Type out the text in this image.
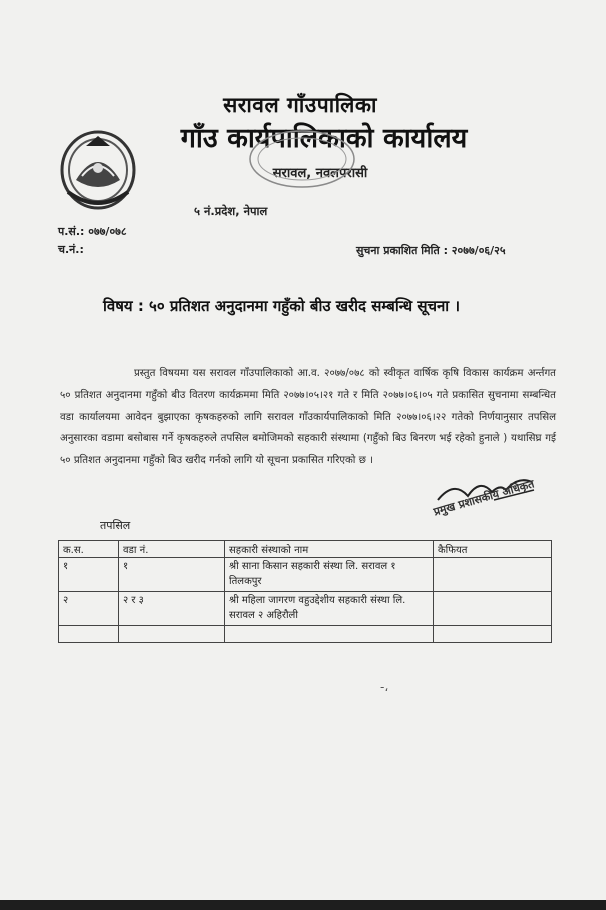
सरावल गाँउपालिका
गाँउ कार्यपालिकाको कार्यालय
सरावल, नवलपरासी
५ नं.प्रदेश, नेपाल
प.सं.: ०७७/०७८
च.नं.:	सुचना प्रकाशित मिति : २०७७/०६/२५
विषय : ५० प्रतिशत अनुदानमा गहुँको बीउ खरीद सम्बन्धि सूचना ।
प्रस्तुत विषयमा यस सरावल गाँउपालिकाको आ.व. २०७७/०७८ को स्वीकृत वार्षिक कृषि विकास कार्यक्रम अर्न्तगत ५० प्रतिशत अनुदानमा गहुँको बीउ वितरण कार्यक्रममा मिति २०७७।०५।२१ गते र मिति २०७७।०६।०५ गते प्रकासित सुचनामा सम्बन्धित वडा कार्यालयमा आवेदन बुझाएका कृषकहरुको लागि सरावल गाँउकार्यपालिकाको मिति २०७७।०६।२२ गतेको निर्णयानुसार तपसिल अनुसारका वडामा बसोबास गर्ने कृषकहरुले तपसिल बमोजिमको सहकारी संस्थामा (गहुँको बिउ बिनरण भई रहेको हुनाले ) यथासिघ्र गई ५० प्रतिशत अनुदानमा गहुँको बिउ खरीद गर्नको लागि यो सूचना प्रकासित गरिएको छ ।
प्रमुख प्रशासकीय अधिकृत
तपसिल
क.स.	वडा नं.	सहकारी संस्थाको नाम	कैफियत
१	१	श्री साना किसान सहकारी संस्था लि. सरावल १ तिलकपुर	
२	२ र ३	श्री महिला जागरण वहुउद्देशीय सहकारी संस्था लि. सरावल २ अहिरौली	

-،
